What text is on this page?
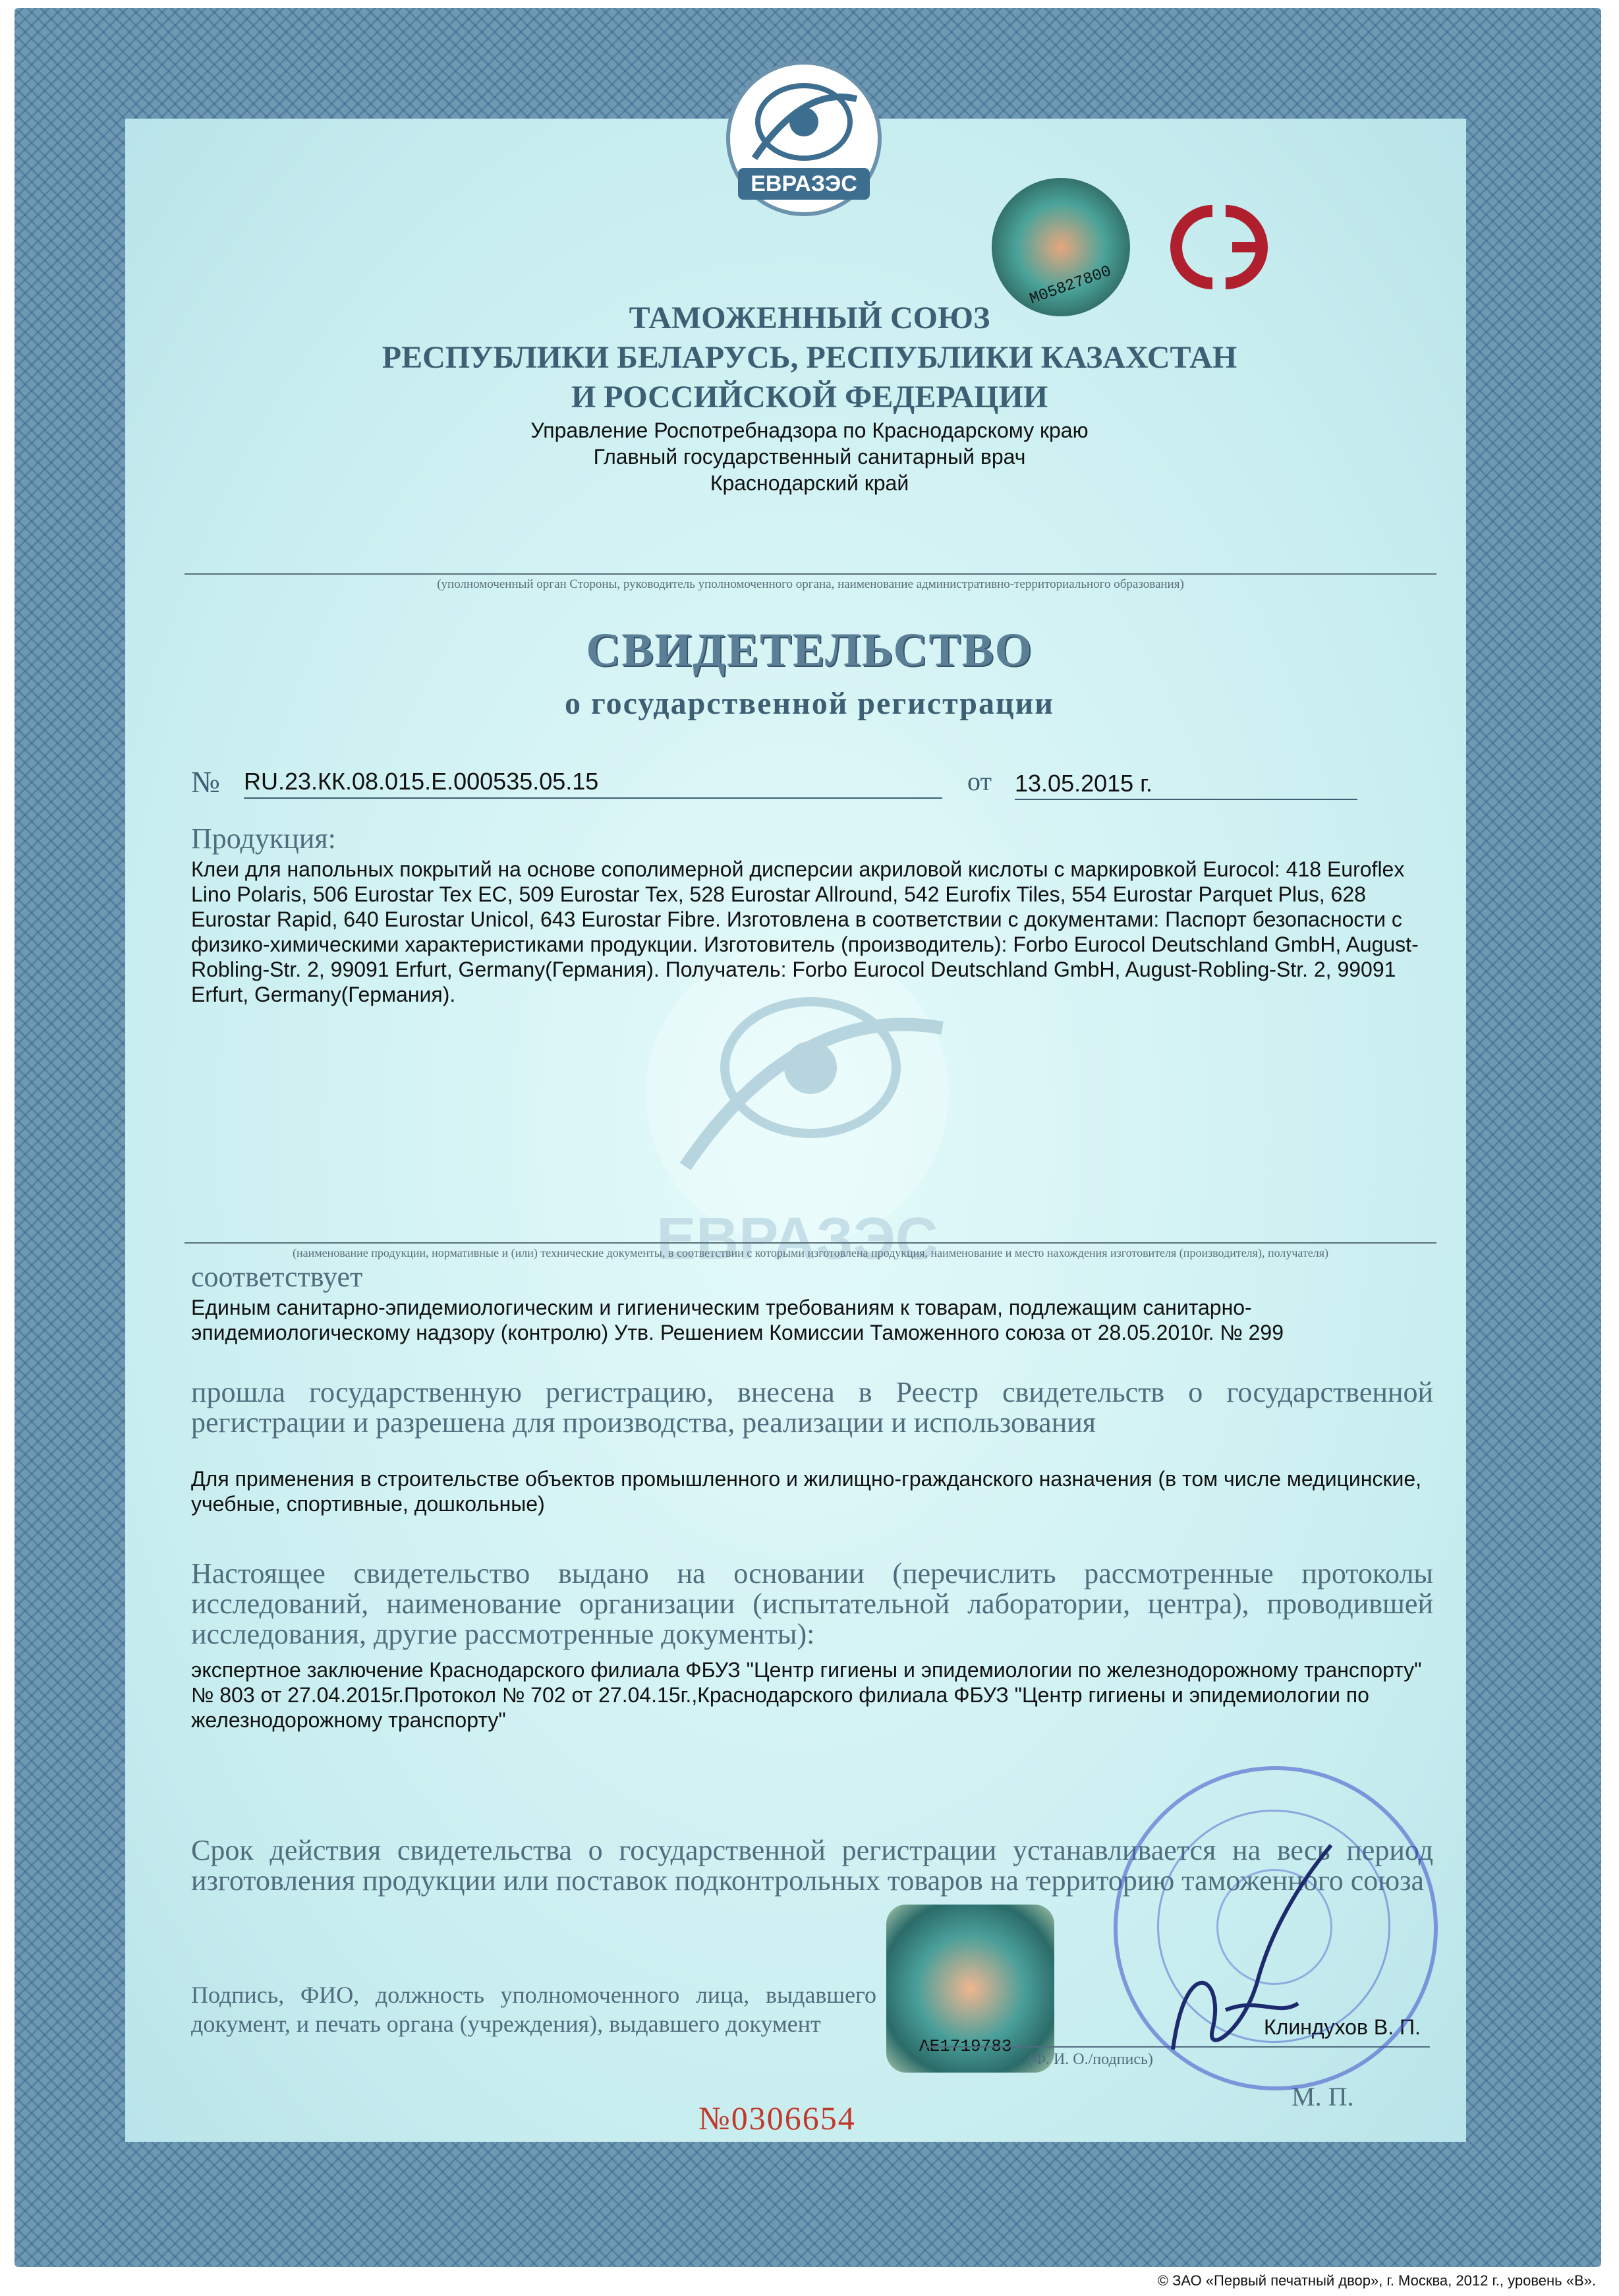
ЕВРАЗЭС
M05827800
ТАМОЖЕННЫЙ СОЮЗ
РЕСПУБЛИКИ БЕЛАРУСЬ, РЕСПУБЛИКИ КАЗАХСТАН
И РОССИЙСКОЙ ФЕДЕРАЦИИ
Управление Роспотребнадзора по Краснодарскому краю
Главный государственный санитарный врач
Краснодарский край
(уполномоченный орган Стороны, руководитель уполномоченного органа, наименование административно-территориального образования)
СВИДЕТЕЛЬСТВО
о государственной регистрации
№ RU.23.КК.08.015.Е.000535.05.15	от 13.05.2015 г.
ЕВРАЗЭС
Продукция:
Клеи для напольных покрытий на основе сополимерной дисперсии акриловой кислоты с маркировкой Eurocol: 418 Euroflex Lino Polaris, 506 Eurostar Tex EC, 509 Eurostar Tex, 528 Eurostar Allround, 542 Eurofix Tiles, 554 Eurostar Parquet Plus, 628 Eurostar Rapid, 640 Eurostar Unicol, 643 Eurostar Fibre. Изготовлена в соответствии с документами: Паспорт безопасности с физико-химическими характеристиками продукции. Изготовитель (производитель): Forbo Eurocol Deutschland GmbH, August-Robling-Str. 2, 99091 Erfurt, Germany(Германия). Получатель: Forbo Eurocol Deutschland GmbH, August-Robling-Str. 2, 99091 Erfurt, Germany(Германия).
(наименование продукции, нормативные и (или) технические документы, в соответствии с которыми изготовлена продукция, наименование и место нахождения изготовителя (производителя), получателя)
соответствует
Единым санитарно-эпидемиологическим и гигиеническим требованиям к товарам, подлежащим санитарно-эпидемиологическому надзору (контролю) Утв. Решением Комиссии Таможенного союза от 28.05.2010г. № 299
прошла государственную регистрацию, внесена в Реестр свидетельств о государственной регистрации и разрешена для производства, реализации и использования
Для применения в строительстве объектов промышленного и жилищно-гражданского назначения (в том числе медицинские, учебные, спортивные, дошкольные)
Настоящее свидетельство выдано на основании (перечислить рассмотренные протоколы исследований, наименование организации (испытательной лаборатории, центра), проводившей исследования, другие рассмотренные документы):
экспертное заключение Краснодарского филиала ФБУЗ "Центр гигиены и эпидемиологии по железнодорожному транспорту" № 803 от 27.04.2015г.Протокол № 702 от 27.04.15г.,Краснодарского филиала ФБУЗ "Центр гигиены и эпидемиологии по железнодорожному транспорту"
Срок действия свидетельства о государственной регистрации устанавливается на весь период изготовления продукции или поставок подконтрольных товаров на территорию таможенного союза
AE1719783
Подпись, ФИО, должность уполномоченного лица, выдавшего документ, и печать органа (учреждения), выдавшего документ	Клиндухов В. П.
(Ф. И. О./подпись)
М. П.
№0306654
© ЗАО «Первый печатный двор», г. Москва, 2012 г., уровень «В».
